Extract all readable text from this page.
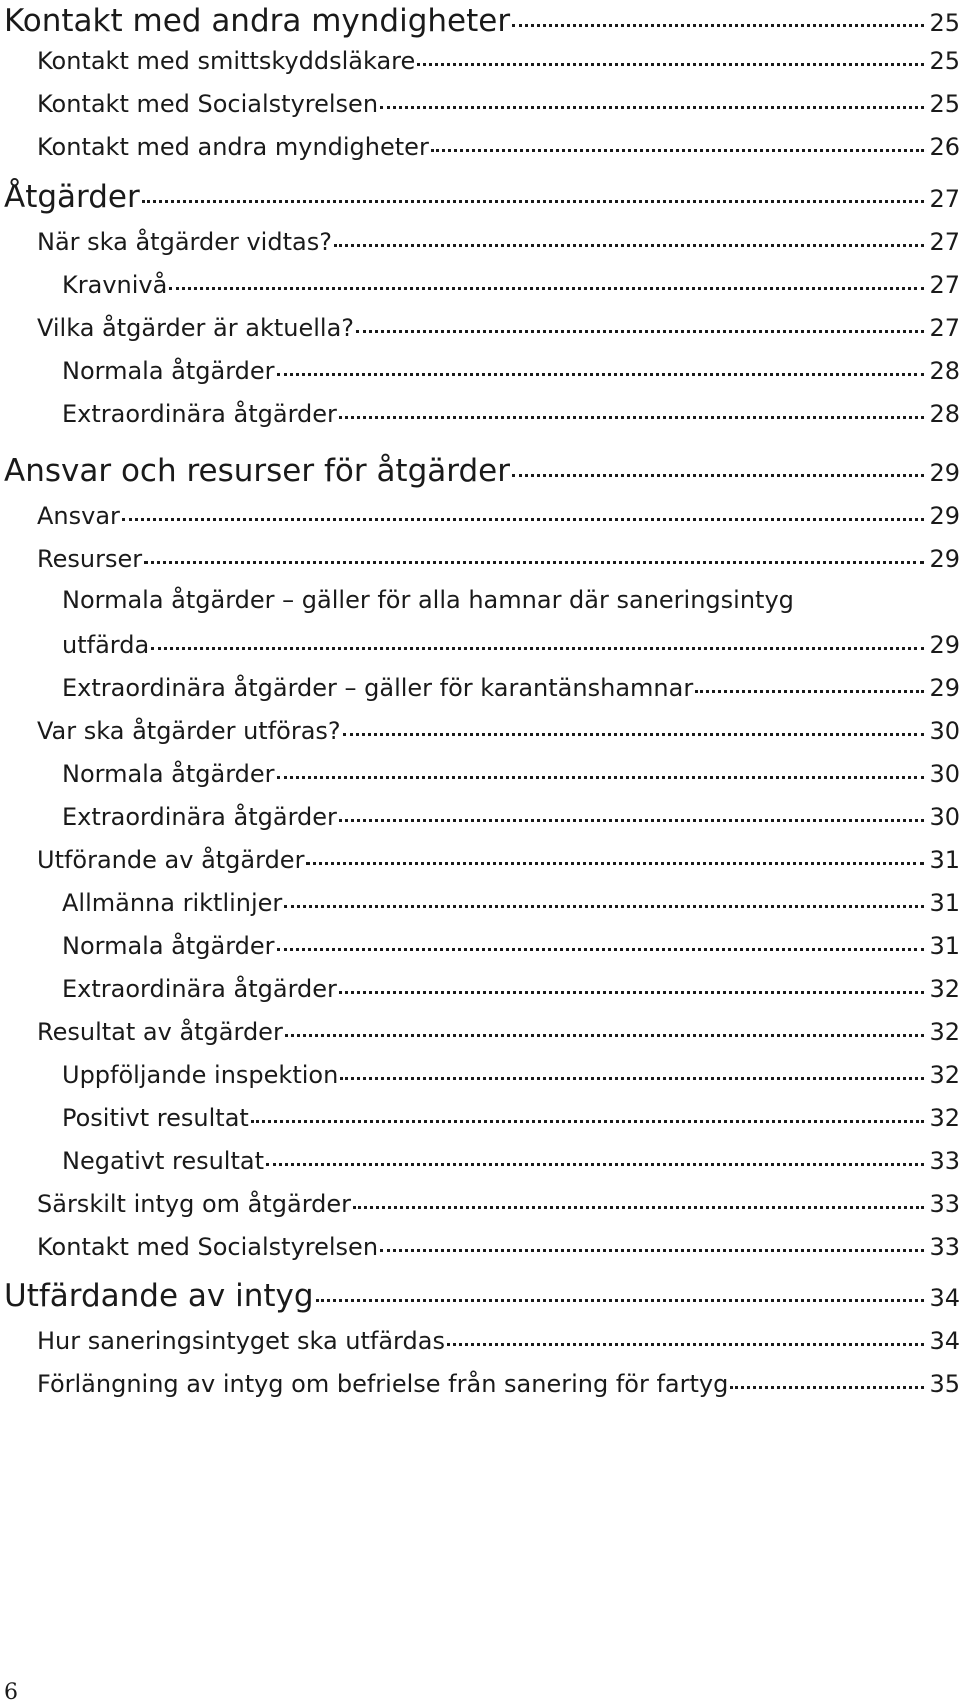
Kontakt med andra myndigheter	25
Kontakt med smittskyddsläkare	25
Kontakt med Socialstyrelsen	25
Kontakt med andra myndigheter	26
Åtgärder	27
När ska åtgärder vidtas?	27
Kravnivå	27
Vilka åtgärder är aktuella?	27
Normala åtgärder	28
Extraordinära åtgärder	28
Ansvar och resurser för åtgärder	29
Ansvar	29
Resurser	29
Normala åtgärder – gäller för alla hamnar där saneringsintyg
utfärda	29
Extraordinära åtgärder – gäller för karantänshamnar	29
Var ska åtgärder utföras?	30
Normala åtgärder	30
Extraordinära åtgärder	30
Utförande av åtgärder	31
Allmänna riktlinjer	31
Normala åtgärder	31
Extraordinära åtgärder	32
Resultat av åtgärder	32
Uppföljande inspektion	32
Positivt resultat	32
Negativt resultat	33
Särskilt intyg om åtgärder	33
Kontakt med Socialstyrelsen	33
Utfärdande av intyg	34
Hur saneringsintyget ska utfärdas	34
Förlängning av intyg om befrielse från sanering för fartyg	35
6
